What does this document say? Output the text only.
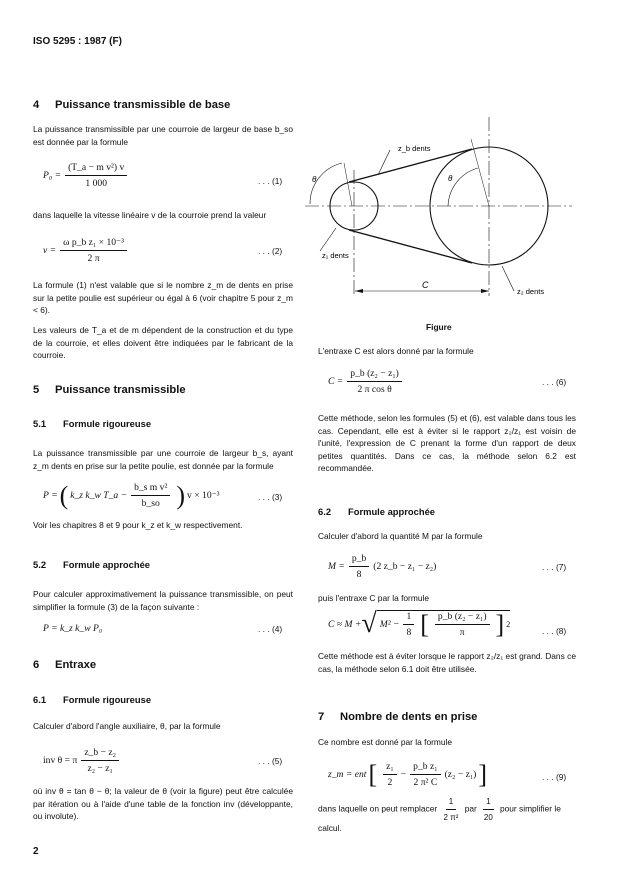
ISO 5295 : 1987 (F)
4 Puissance transmissible de base
La puissance transmissible par une courroie de largeur de base b_so est donnée par la formule
$P_0 = \frac{\text{(T\_a − m v²) v}}{1 000}$	. . . (1)
dans laquelle la vitesse linéaire v de la courroie prend la valeur
$v = \frac{\text{ω p\_b z₁ × 10⁻³}}{2 \pi}$	. . . (2)
La formule (1) n'est valable que si le nombre z_m de dents en prise sur la petite poulie est supérieur ou égal à 6 (voir chapitre 5 pour z_m < 6).
Les valeurs de T_a et de m dépendent de la construction et du type de la courroie, et elles doivent être indiquées par le fabricant de la courroie.
5 Puissance transmissible
5.1 Formule rigoureuse
La puissance transmissible par une courroie de largeur b_s, ayant z_m dents en prise sur la petite poulie, est donnée par la formule
P = ( k_z k_w T_a − $\frac{\text{b\_s m v²}}{b\_so}$ ) v × 10⁻³	. . . (3)
Voir les chapitres 8 et 9 pour k_z et k_w respectivement.
5.2 Formule approchée
Pour calculer approximativement la puissance transmissible, on peut simplifier la formule (3) de la façon suivante :
P = k_z k_w P₀	. . . (4)
6 Entraxe
6.1 Formule rigoureuse
Calculer d'abord l'angle auxiliaire, θ, par la formule
inv θ = π $\frac{\text{z\_b − z₂}}{\text{z₂ − z₁}}$	. . . (5)
où inv θ = tan θ − θ; la valeur de θ (voir la figure) peut être calculée par itération ou à l'aide d'une table de la fonction inv (développante, ou involute).
2
z_b dents
z₁ dents
z₂ dents
C
θ	θ
Figure
L'entraxe C est alors donné par la formule
$C = \frac{\text{p\_b (z₂ − z₁)}}{\text{2 π cos θ}}$	. . . (6)
Cette méthode, selon les formules (5) et (6), est valable dans tous les cas. Cependant, elle est à éviter si le rapport z₂/z₁ est voisin de l'unité, l'expression de C prenant la forme d'un rapport de deux petites quantités. Dans ce cas, la méthode selon 6.2 est recommandée.
6.2 Formule approchée
Calculer d'abord la quantité M par la formule
$M = \frac{p\_b}{8} (2$ z_b − z₁ − z₂)	. . . (7)
puis l'entraxe C par la formule
C ≈ M + √ $M^2 - \frac{1}{8}$ [ $\frac{\text{p\_b (z₂ − z₁)}}{\pi}$ ] 2
. . . (8)
Cette méthode est à éviter lorsque le rapport z₂/z₁ est grand. Dans ce cas, la méthode selon 6.1 doit être utilisée.
7 Nombre de dents en prise
Ce nombre est donné par la formule
z_m = ent [ $\frac{\text{z₁}}{2} - \frac{\text{p\_b z₁}}{\text{2 π² C}} (z_2 - z_1)$ ]	. . . (9)
dans laquelle on peut remplacer $\frac{1}{\text{2 π²}}$ par $\frac{1}{20}$ pour simplifier le calcul.
